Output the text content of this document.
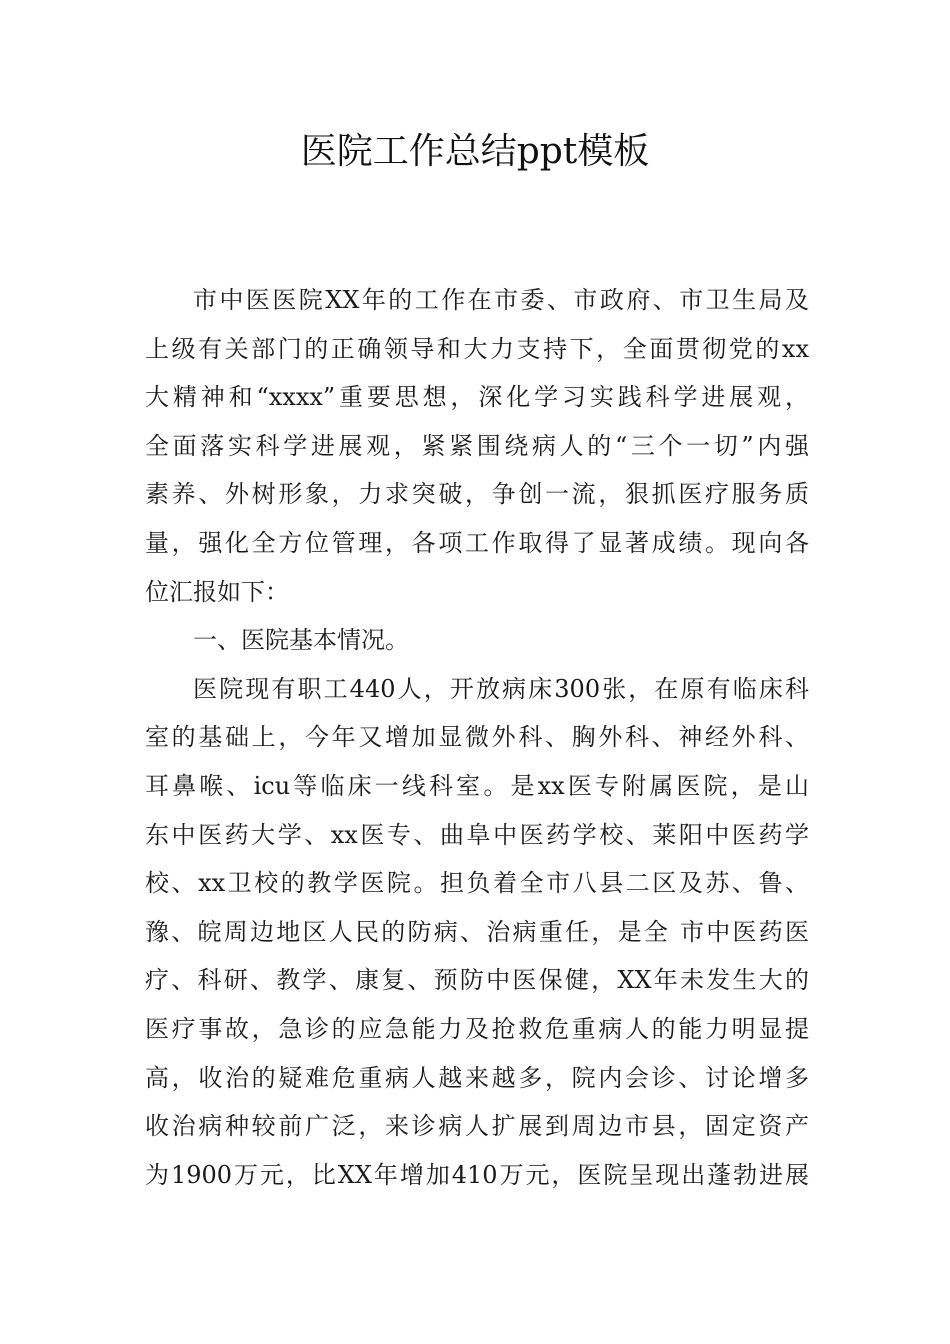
医院工作总结ppt模板
市中医医院XX年的工作在市委、市政府、市卫生局及
上级有关部门的正确领导和大力支持下，全面贯彻党的xx
大精神和“xxxx”重要思想，深化学习实践科学进展观，
全面落实科学进展观，紧紧围绕病人的“三个一切”内强
素养、外树形象，力求突破，争创一流，狠抓医疗服务质
量，强化全方位管理，各项工作取得了显著成绩。现向各
位汇报如下：
一、医院基本情况。
医院现有职工440人，开放病床300张，在原有临床科
室的基础上，今年又增加显微外科、胸外科、神经外科、
耳鼻喉、icu等临床一线科室。是xx医专附属医院，是山
东中医药大学、xx医专、曲阜中医药学校、莱阳中医药学
校、xx卫校的教学医院。担负着全市八县二区及苏、鲁、
豫、皖周边地区人民的防病、治病重任，是全 市中医药医
疗、科研、教学、康复、预防中医保健，XX年未发生大的
医疗事故，急诊的应急能力及抢救危重病人的能力明显提
高，收治的疑难危重病人越来越多，院内会诊、讨论增多
收治病种较前广泛，来诊病人扩展到周边市县，固定资产
为1900万元，比XX年增加410万元，医院呈现出蓬勃进展
